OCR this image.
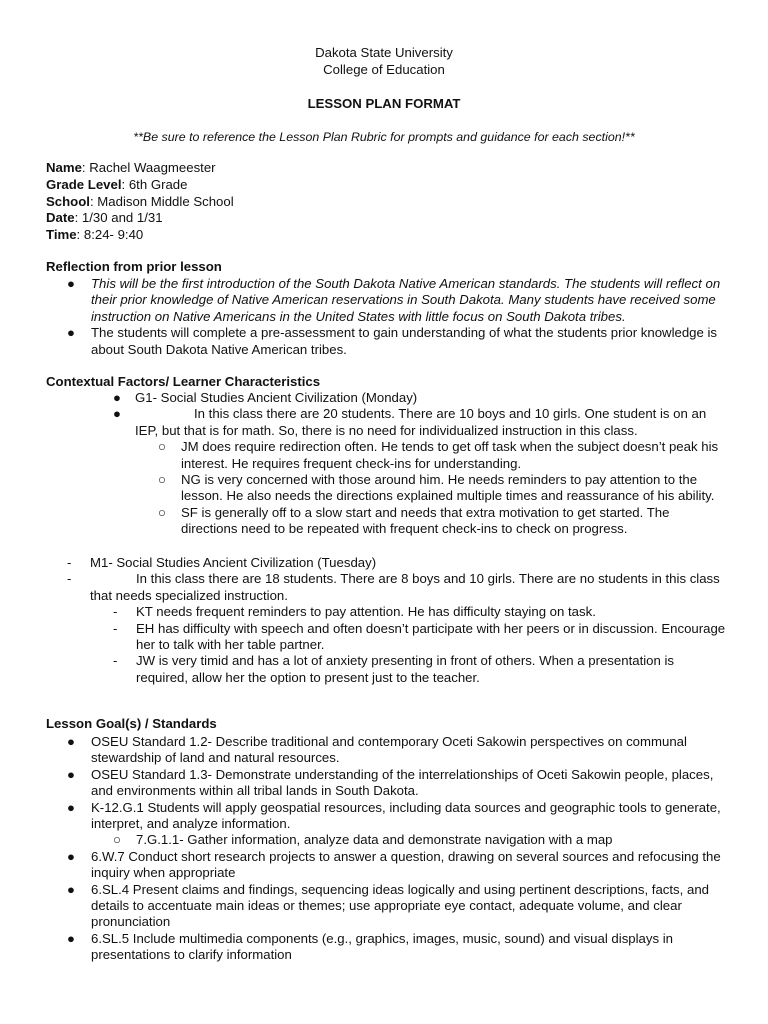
Dakota State University
College of Education
LESSON PLAN FORMAT
**Be sure to reference the Lesson Plan Rubric for prompts and guidance for each section!**
Name: Rachel Waagmeester
Grade Level: 6th Grade
School: Madison Middle School
Date: 1/30 and 1/31
Time: 8:24- 9:40
Reflection from prior lesson
● This will be the first introduction of the South Dakota Native American standards. The students will reflect on their prior knowledge of Native American reservations in South Dakota. Many students have received some instruction on Native Americans in the United States with little focus on South Dakota tribes.
● The students will complete a pre-assessment to gain understanding of what the students prior knowledge is about South Dakota Native American tribes.
Contextual Factors/ Learner Characteristics
● G1- Social Studies Ancient Civilization (Monday)
●	In this class there are 20 students. There are 10 boys and 10 girls. One student is on an IEP, but that is for math. So, there is no need for individualized instruction in this class.
○ JM does require redirection often. He tends to get off task when the subject doesn’t peak his interest. He requires frequent check-ins for understanding.
○ NG is very concerned with those around him. He needs reminders to pay attention to the lesson. He also needs the directions explained multiple times and reassurance of his ability.
○ SF is generally off to a slow start and needs that extra motivation to get started. The directions need to be repeated with frequent check-ins to check on progress.
- M1- Social Studies Ancient Civilization (Tuesday)
-	In this class there are 18 students. There are 8 boys and 10 girls. There are no students in this class that needs specialized instruction.
- KT needs frequent reminders to pay attention. He has difficulty staying on task.
- EH has difficulty with speech and often doesn’t participate with her peers or in discussion. Encourage her to talk with her table partner.
- JW is very timid and has a lot of anxiety presenting in front of others. When a presentation is required, allow her the option to present just to the teacher.
Lesson Goal(s) / Standards
● OSEU Standard 1.2- Describe traditional and contemporary Oceti Sakowin perspectives on communal stewardship of land and natural resources.
● OSEU Standard 1.3- Demonstrate understanding of the interrelationships of Oceti Sakowin people, places, and environments within all tribal lands in South Dakota.
● K-12.G.1 Students will apply geospatial resources, including data sources and geographic tools to generate, interpret, and analyze information.
○ 7.G.1.1- Gather information, analyze data and demonstrate navigation with a map
● 6.W.7 Conduct short research projects to answer a question, drawing on several sources and refocusing the inquiry when appropriate
● 6.SL.4 Present claims and findings, sequencing ideas logically and using pertinent descriptions, facts, and details to accentuate main ideas or themes; use appropriate eye contact, adequate volume, and clear pronunciation
● 6.SL.5 Include multimedia components (e.g., graphics, images, music, sound) and visual displays in presentations to clarify information
